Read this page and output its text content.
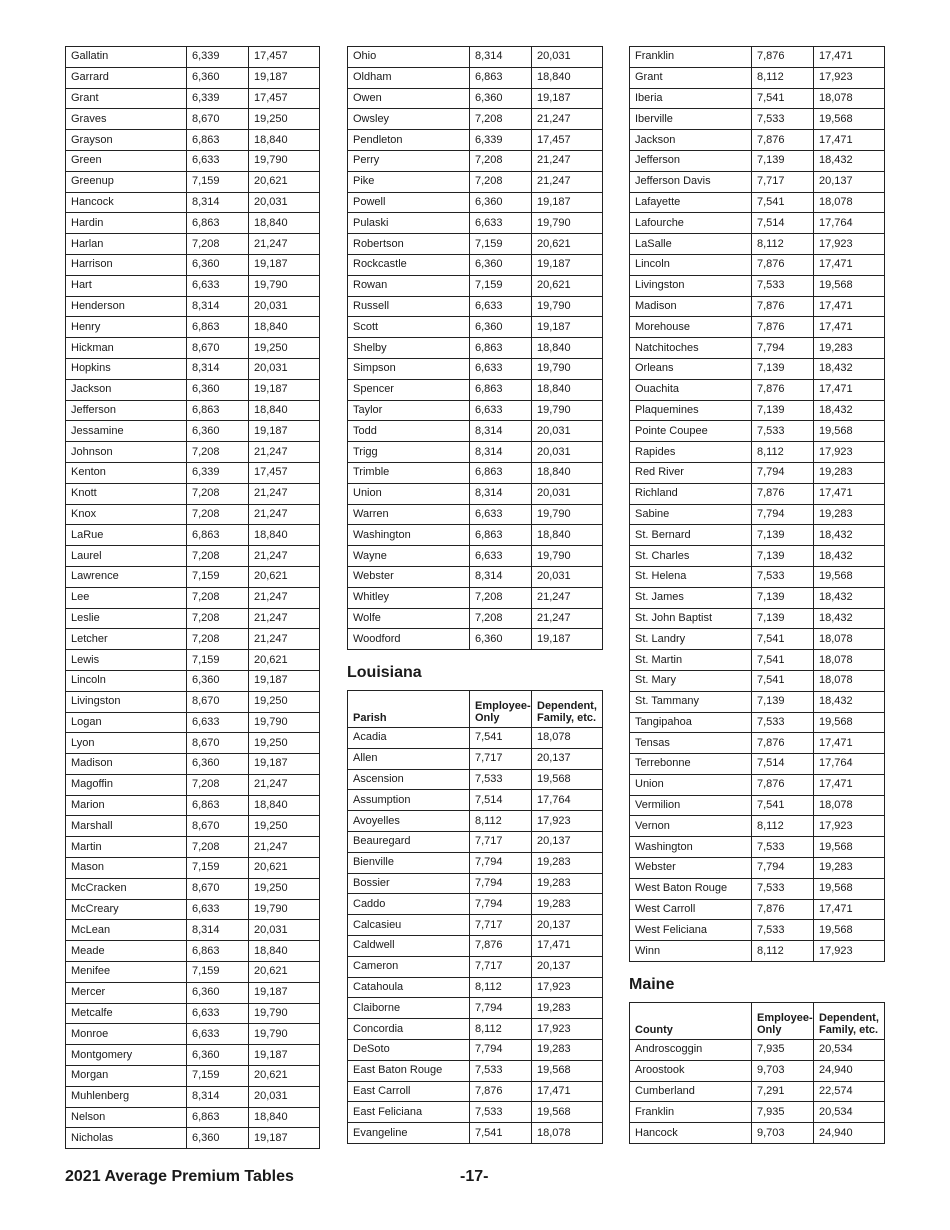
Gallatin	6,339	17,457
Garrard	6,360	19,187
Grant	6,339	17,457
Graves	8,670	19,250
Grayson	6,863	18,840
Green	6,633	19,790
Greenup	7,159	20,621
Hancock	8,314	20,031
Hardin	6,863	18,840
Harlan	7,208	21,247
Harrison	6,360	19,187
Hart	6,633	19,790
Henderson	8,314	20,031
Henry	6,863	18,840
Hickman	8,670	19,250
Hopkins	8,314	20,031
Jackson	6,360	19,187
Jefferson	6,863	18,840
Jessamine	6,360	19,187
Johnson	7,208	21,247
Kenton	6,339	17,457
Knott	7,208	21,247
Knox	7,208	21,247
LaRue	6,863	18,840
Laurel	7,208	21,247
Lawrence	7,159	20,621
Lee	7,208	21,247
Leslie	7,208	21,247
Letcher	7,208	21,247
Lewis	7,159	20,621
Lincoln	6,360	19,187
Livingston	8,670	19,250
Logan	6,633	19,790
Lyon	8,670	19,250
Madison	6,360	19,187
Magoffin	7,208	21,247
Marion	6,863	18,840
Marshall	8,670	19,250
Martin	7,208	21,247
Mason	7,159	20,621
McCracken	8,670	19,250
McCreary	6,633	19,790
McLean	8,314	20,031
Meade	6,863	18,840
Menifee	7,159	20,621
Mercer	6,360	19,187
Metcalfe	6,633	19,790
Monroe	6,633	19,790
Montgomery	6,360	19,187
Morgan	7,159	20,621
Muhlenberg	8,314	20,031
Nelson	6,863	18,840
Nicholas	6,360	19,187
Ohio	8,314	20,031
Oldham	6,863	18,840
Owen	6,360	19,187
Owsley	7,208	21,247
Pendleton	6,339	17,457
Perry	7,208	21,247
Pike	7,208	21,247
Powell	6,360	19,187
Pulaski	6,633	19,790
Robertson	7,159	20,621
Rockcastle	6,360	19,187
Rowan	7,159	20,621
Russell	6,633	19,790
Scott	6,360	19,187
Shelby	6,863	18,840
Simpson	6,633	19,790
Spencer	6,863	18,840
Taylor	6,633	19,790
Todd	8,314	20,031
Trigg	8,314	20,031
Trimble	6,863	18,840
Union	8,314	20,031
Warren	6,633	19,790
Washington	6,863	18,840
Wayne	6,633	19,790
Webster	8,314	20,031
Whitley	7,208	21,247
Wolfe	7,208	21,247
Woodford	6,360	19,187
Louisiana
Parish	Employee-Only	Dependent, Family, etc.
Acadia	7,541	18,078
Allen	7,717	20,137
Ascension	7,533	19,568
Assumption	7,514	17,764
Avoyelles	8,112	17,923
Beauregard	7,717	20,137
Bienville	7,794	19,283
Bossier	7,794	19,283
Caddo	7,794	19,283
Calcasieu	7,717	20,137
Caldwell	7,876	17,471
Cameron	7,717	20,137
Catahoula	8,112	17,923
Claiborne	7,794	19,283
Concordia	8,112	17,923
DeSoto	7,794	19,283
East Baton Rouge	7,533	19,568
East Carroll	7,876	17,471
East Feliciana	7,533	19,568
Evangeline	7,541	18,078
Franklin	7,876	17,471
Grant	8,112	17,923
Iberia	7,541	18,078
Iberville	7,533	19,568
Jackson	7,876	17,471
Jefferson	7,139	18,432
Jefferson Davis	7,717	20,137
Lafayette	7,541	18,078
Lafourche	7,514	17,764
LaSalle	8,112	17,923
Lincoln	7,876	17,471
Livingston	7,533	19,568
Madison	7,876	17,471
Morehouse	7,876	17,471
Natchitoches	7,794	19,283
Orleans	7,139	18,432
Ouachita	7,876	17,471
Plaquemines	7,139	18,432
Pointe Coupee	7,533	19,568
Rapides	8,112	17,923
Red River	7,794	19,283
Richland	7,876	17,471
Sabine	7,794	19,283
St. Bernard	7,139	18,432
St. Charles	7,139	18,432
St. Helena	7,533	19,568
St. James	7,139	18,432
St. John Baptist	7,139	18,432
St. Landry	7,541	18,078
St. Martin	7,541	18,078
St. Mary	7,541	18,078
St. Tammany	7,139	18,432
Tangipahoa	7,533	19,568
Tensas	7,876	17,471
Terrebonne	7,514	17,764
Union	7,876	17,471
Vermilion	7,541	18,078
Vernon	8,112	17,923
Washington	7,533	19,568
Webster	7,794	19,283
West Baton Rouge	7,533	19,568
West Carroll	7,876	17,471
West Feliciana	7,533	19,568
Winn	8,112	17,923
Maine
County	Employee-Only	Dependent, Family, etc.
Androscoggin	7,935	20,534
Aroostook	9,703	24,940
Cumberland	7,291	22,574
Franklin	7,935	20,534
Hancock	9,703	24,940
2021 Average Premium Tables	-17-
